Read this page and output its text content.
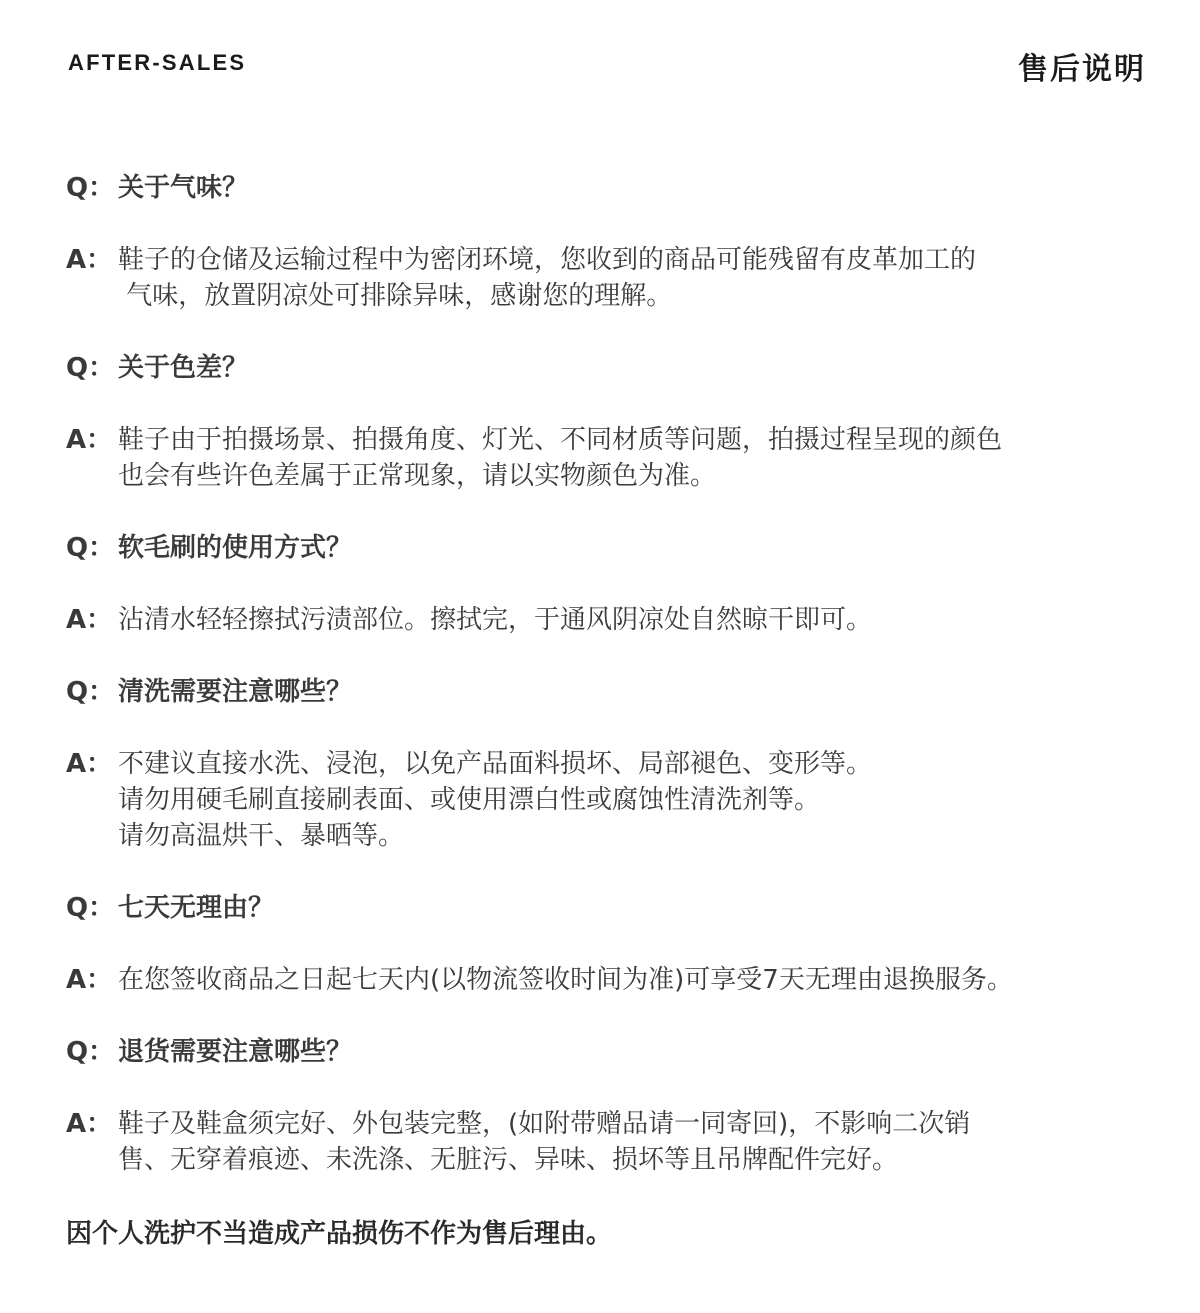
AFTER-SALES	售后说明
Q： 关于气味？
A： 鞋子的仓储及运输过程中为密闭环境，您收到的商品可能残留有皮革加工的
气味，放置阴凉处可排除异味，感谢您的理解。
Q： 关于色差？
A： 鞋子由于拍摄场景、拍摄角度、灯光、不同材质等问题，拍摄过程呈现的颜色
也会有些许色差属于正常现象，请以实物颜色为准。
Q： 软毛刷的使用方式？
A： 沾清水轻轻擦拭污渍部位。擦拭完，于通风阴凉处自然晾干即可。
Q： 清洗需要注意哪些？
A： 不建议直接水洗、浸泡，以免产品面料损坏、局部褪色、变形等。
请勿用硬毛刷直接刷表面、或使用漂白性或腐蚀性清洗剂等。
请勿高温烘干、暴晒等。
Q： 七天无理由？
A： 在您签收商品之日起七天内(以物流签收时间为准)可享受7天无理由退换服务。
Q： 退货需要注意哪些？
A： 鞋子及鞋盒须完好、外包装完整，(如附带赠品请一同寄回)，不影响二次销
售、无穿着痕迹、未洗涤、无脏污、异味、损坏等且吊牌配件完好。
因个人洗护不当造成产品损伤不作为售后理由。
